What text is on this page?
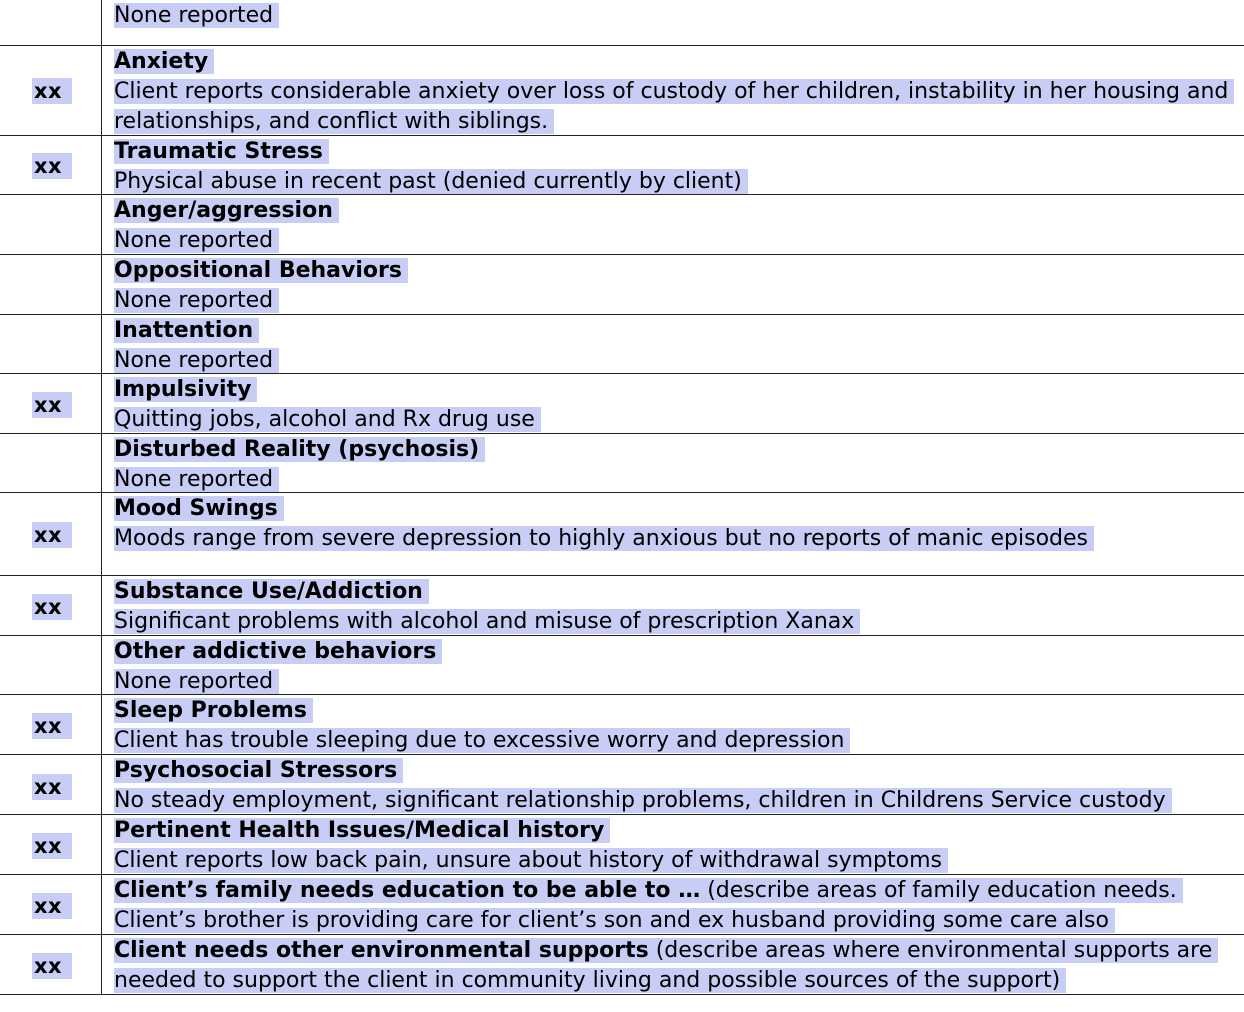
None reported
xx
Anxiety
Client reports considerable anxiety over loss of custody of her children, instability in her housing and
relationships, and conflict with siblings.
xx
Traumatic Stress
Physical abuse in recent past (denied currently by client)
Anger/aggression
None reported
Oppositional Behaviors
None reported
Inattention
None reported
xx
Impulsivity
Quitting jobs, alcohol and Rx drug use
Disturbed Reality (psychosis)
None reported
xx
Mood Swings
Moods range from severe depression to highly anxious but no reports of manic episodes
xx
Substance Use/Addiction
Significant problems with alcohol and misuse of prescription Xanax
Other addictive behaviors
None reported
xx
Sleep Problems
Client has trouble sleeping due to excessive worry and depression
xx
Psychosocial Stressors
No steady employment, significant relationship problems, children in Childrens Service custody
xx
Pertinent Health Issues/Medical history
Client reports low back pain, unsure about history of withdrawal symptoms
xx
Client’s family needs education to be able to … (describe areas of family education needs.
Client’s brother is providing care for client’s son and ex husband providing some care also
xx
Client needs other environmental supports (describe areas where environmental supports are
needed to support the client in community living and possible sources of the support)
